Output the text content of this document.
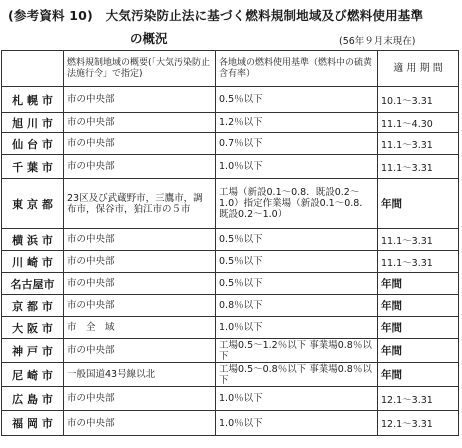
(参考資料 10)　大気汚染防止法に基づく燃料規制地域及び燃料使用基準
の概況	(56年９月末現在)
	燃料規制地域の概要(「大気汚染防止法施行令」で指定)	各地域の燃料使用基準（燃料中の硫黄含有率）	適 用 期 間
札 幌 市	市の中央部	0.5％以下	10.1～3.31
旭 川 市	市の中央部	1.2％以下	11.1～4.30
仙 台 市	市の中央部	0.7％以下	11.1～3.31
千 葉 市	市の中央部	1.0％以下	11.1～3.31
東 京 都	23区及び武蔵野市，三鷹市，調布市，保谷市，狛江市の５市	工場（新設0.1～0.8．既設0.2～1.0）指定作業場（新設0.1～0.8．既設0.2～1.0）	年間
横 浜 市	市の中央部	0.5％以下	11.1～3.31
川 崎 市	市の中央部	0.5％以下	11.1～3.31
名古屋市	市の中央部	0.5％以下	年間
京 都 市	市の中央部	0.8％以下	年間
大 阪 市	市　全　域	1.0％以下	年間
神 戸 市	市の中央部	工場0.5～1.2％以下 事業場0.8％以下	年間
尼 崎 市	一般国道43号線以北	工場0.5～0.8％以下 事業場0.8％以下	年間
広 島 市	市の中央部	1.0％以下	12.1～3.31
福 岡 市	市の中央部	1.0％以下	12.1～3.31
